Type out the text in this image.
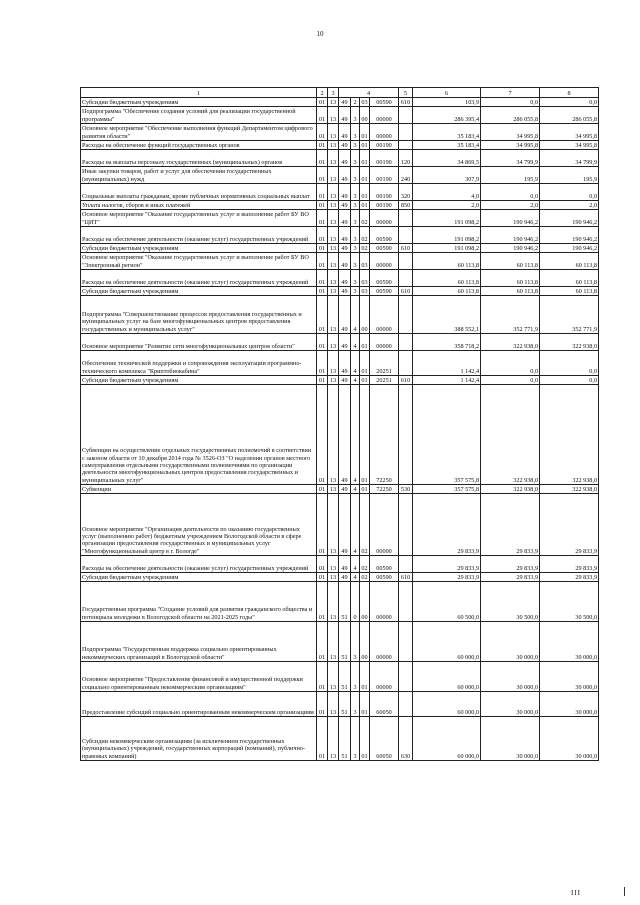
10
1	2	3	4				5	6	7	8
Субсидии бюджетным учреждениям	01	13	49	2	03	00590	610	103,9	0,0	0,0
Подпрограмма "Обеспечение создания условий для реализации государственной программы"	01	13	49	3	00	00000		286 395,4	286 055,8	286 055,8
Основное мероприятие "Обеспечение выполнения функций Департаментом цифрового развития области"	01	13	49	3	01	00000		35 183,4	34 995,8	34 995,8
Расходы на обеспечение функций государственных органов	01	13	49	3	01	00190		35 183,4	34 995,8	34 995,8
Расходы на выплаты персоналу государственных (муниципальных) органов	01	13	49	3	01	00190	120	34 869,5	34 799,9	34 799,9
Иные закупки товаров, работ и услуг для обеспечения государственных (муниципальных) нужд	01	13	49	3	01	00190	240	307,9	195,9	195,9
Социальные выплаты гражданам, кроме публичных нормативных социальных выплат	01	13	49	3	01	00190	320	4,0	0,0	0,0
Уплата налогов, сборов и иных платежей	01	13	49	3	01	00190	850	2,0	2,0	2,0
Основное мероприятие "Оказание государственных услуг и выполнение работ БУ ВО "ЦИТ"	01	13	49	3	02	00000		191 098,2	190 946,2	190 946,2
Расходы на обеспечение деятельности (оказание услуг) государственных учреждений	01	13	49	3	02	00590		191 098,2	190 946,2	190 946,2
Субсидии бюджетным учреждениям	01	13	49	3	02	00590	610	191 098,2	190 946,2	190 946,2
Основное мероприятие "Оказание государственных услуг и выполнение работ БУ ВО "Электронный регион"	01	13	49	3	03	00000		60 113,8	60 113,8	60 113,8
Расходы на обеспечение деятельности (оказание услуг) государственных учреждений	01	13	49	3	03	00590		60 113,8	60 113,8	60 113,8
Субсидии бюджетным учреждениям	01	13	49	3	03	00590	610	60 113,8	60 113,8	60 113,8
Подпрограмма "Совершенствование процессов предоставления государственных и муниципальных услуг на базе многофункциональных центров предоставления государственных и муниципальных услуг"	01	13	49	4	00	00000		388 552,1	352 771,9	352 771,9
Основное мероприятие "Развитие сети многофункциональных центров области"	01	13	49	4	01	00000		358 718,2	322 938,0	322 938,0
Обеспечение технической поддержки и сопровождения эксплуатации программно-технического комплекса "Криптобиокабина"	01	13	49	4	01	20251		1 142,4	0,0	0,0
Субсидии бюджетным учреждениям	01	13	49	4	01	20251	610	1 142,4	0,0	0,0
Субвенции на осуществление отдельных государственных полномочий в соответствии с законом области от 10 декабря 2014 года № 3526-ОЗ "О наделении органов местного самоуправления отдельными государственными полномочиями по организации деятельности многофункциональных центров предоставления государственных и муниципальных услуг"	01	13	49	4	01	72250		357 575,8	322 938,0	322 938,0
Субвенции	01	13	49	4	01	72250	530	357 575,8	322 938,0	322 938,0
Основное мероприятие "Организация деятельности по оказанию государственных услуг (выполнению работ) бюджетным учреждением Вологодской области в сфере организации предоставления государственных и муниципальных услуг "Многофункциональный центр в г. Вологде"	01	13	49	4	02	00000		29 833,9	29 833,9	29 833,9
Расходы на обеспечение деятельности (оказание услуг) государственных учреждений	01	13	49	4	02	00590		29 833,9	29 833,9	29 833,9
Субсидии бюджетным учреждениям	01	13	49	4	02	00590	610	29 833,9	29 833,9	29 833,9
Государственная программа "Создание условий для развития гражданского общества и потенциала молодежи в Вологодской области на 2021-2025 годы"	01	13	51	0	00	00000		60 500,0	30 500,0	30 500,0
Подпрограмма "Государственная поддержка социально ориентированных некоммерческих организаций в Вологодской области"	01	13	51	3	00	00000		60 000,0	30 000,0	30 000,0
Основное мероприятие "Предоставление финансовой и имущественной поддержки социально ориентированным некоммерческим организациям"	01	13	51	3	01	00000		60 000,0	30 000,0	30 000,0
Предоставление субсидий социально ориентированным некоммерческим организациям	01	13	51	3	01	60050		60 000,0	30 000,0	30 000,0
Субсидии некоммерческим организациям (за исключением государственных (муниципальных) учреждений, государственных корпораций (компаний), публично-правовых компаний)	01	13	51	3	01	60050	630	60 000,0	30 000,0	30 000,0
III
